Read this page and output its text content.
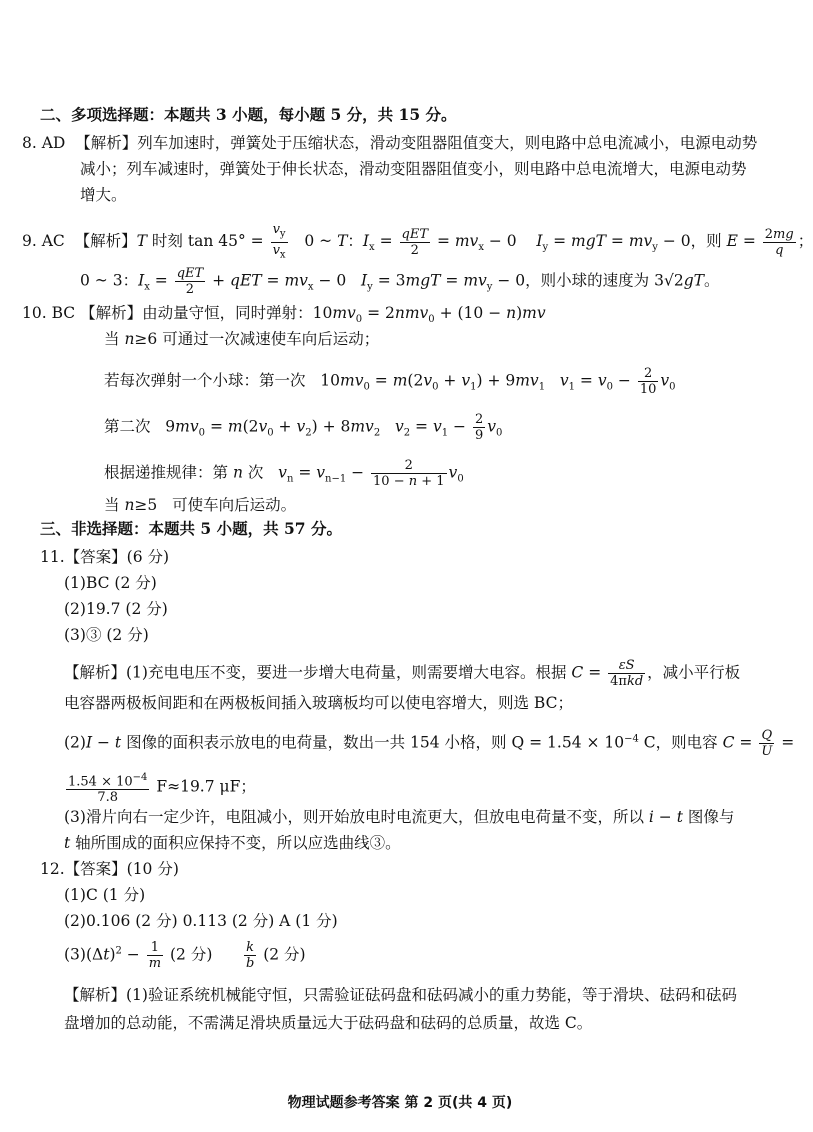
二、多项选择题：本题共 3 小题，每小题 5 分，共 15 分。
8. AD 【解析】列车加速时，弹簧处于压缩状态，滑动变阻器阻值变大，则电路中总电流减小，电源电动势
减小；列车减速时，弹簧处于伸长状态，滑动变阻器阻值变小，则电路中总电流增大，电源电动势
增大。
9. AC 【解析】T 时刻 $\tan 45^\circ = \frac{v_y}{v_x} 0$ ~ T：$I_x = \frac{\text{qET}}{2} = mv_x - 0$    $I_y$ = mgT = $mv_y - 0$，则 $E = \frac{2mg}{q}$ ；
0 ~ 3：$I_x = \frac{\text{qET}}{2}$ + qET = $mv_x - 0$   $I_y = 3mgT = mv_y - 0$，则小球的速度为 3√2gT。
10. BC 【解析】由动量守恒，同时弹射：$10mv_0 = 2nmv_0 + (10 - n)mv$
当 n≥6 可通过一次减速使车向后运动；
若每次弹射一个小球：第一次   $10mv_0 = m(2v_0 + v_1) + 9mv_1$ $v_1 = v_0 - \frac{2}{10} v_0$
第二次   $9mv_0 = m(2v_0 + v_2) + 8mv_2$ $v_2 = v_1 - \frac{2}{9} v_0$
根据递推规律：第 n 次 $v_n = v_{n-1} - \frac{2}{10 - n + 1} v_0$
当 n≥5   可使车向后运动。
三、非选择题：本题共 5 小题，共 57 分。
11.【答案】(6 分)
(1)BC (2 分)
(2)19.7 (2 分)
(3)③ (2 分)
【解析】(1)充电电压不变，要进一步增大电荷量，则需要增大电容。根据 $C = \frac{\varepsilon S}{\text{4πkd}}$ ，减小平行板
电容器两极板间距和在两极板间插入玻璃板均可以使电容增大，则选 BC；
(2)I − t 图像的面积表示放电的电荷量，数出一共 154 小格，则 $Q = 1.54 \times 10^{-4}$ C，则电容 $C = \frac{Q}{U}$ =
$\frac{1.54 \times 10^{-4}}{7.8} F\approx 19.7$ μF；
(3)滑片向右一定少许，电阻减小，则开始放电时电流更大，但放电电荷量不变，所以 i − t 图像与
t 轴所围成的面积应保持不变，所以应选曲线③。
12.【答案】(10 分)
(1)C (1 分)
(2)0.106 (2 分) 0.113 (2 分) A (1 分)
$(3)(\Delta t)^2 - \frac{1}{m} (2$ 分) $\frac{k}{b} (2$ 分)
【解析】(1)验证系统机械能守恒，只需验证砝码盘和砝码减小的重力势能，等于滑块、砝码和砝码
盘增加的总动能，不需满足滑块质量远大于砝码盘和砝码的总质量，故选 C。
物理试题参考答案 第 2 页(共 4 页)
